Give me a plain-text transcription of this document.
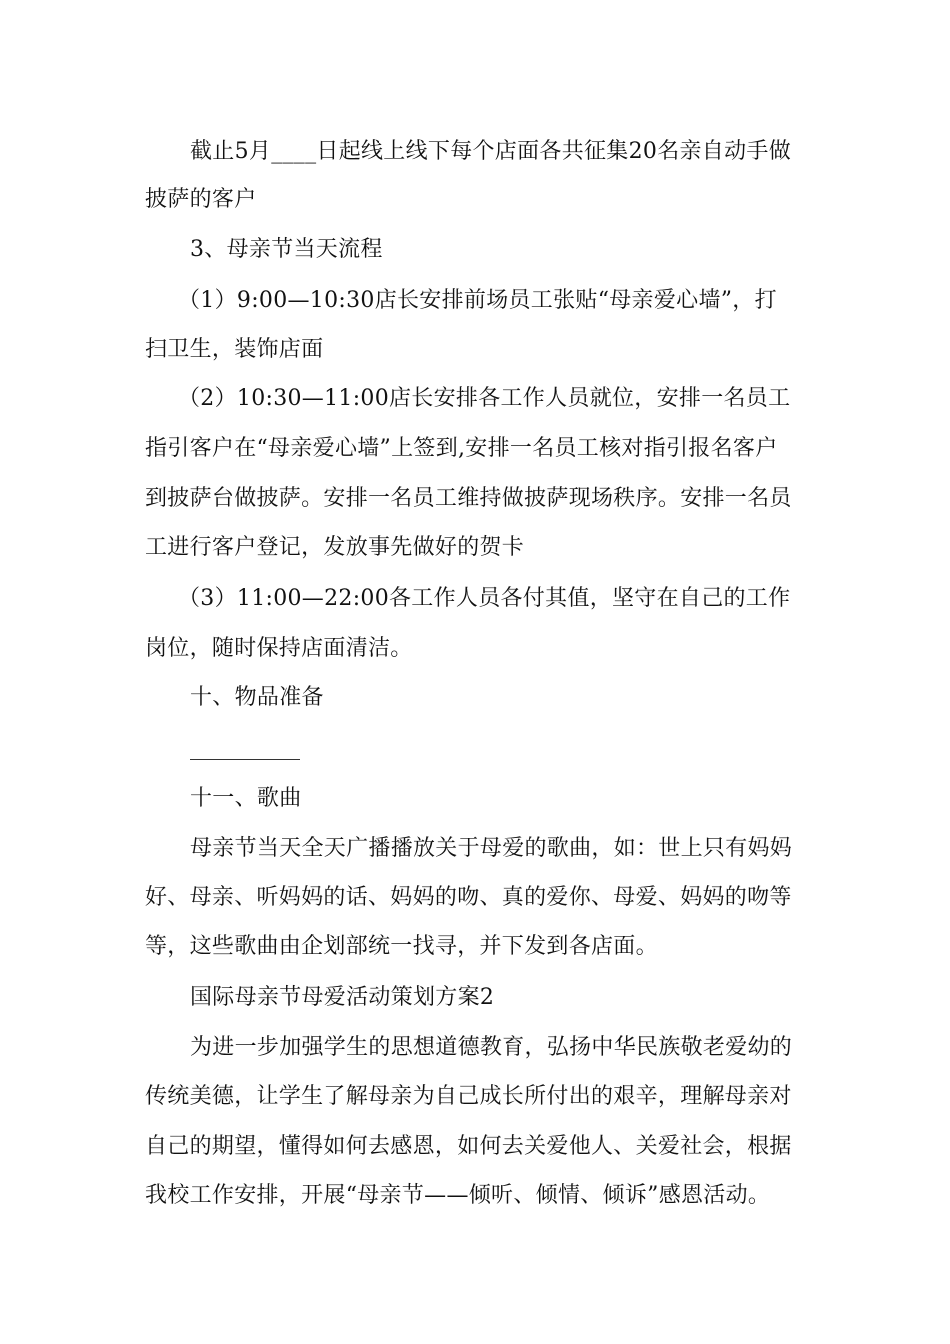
截止5月____日起线上线下每个店面各共征集20名亲自动手做
披萨的客户
3、母亲节当天流程
（1）9:00—10:30店长安排前场员工张贴“母亲爱心墙”，打
扫卫生，装饰店面
（2）10:30—11:00店长安排各工作人员就位，安排一名员工
指引客户在“母亲爱心墙”上签到,安排一名员工核对指引报名客户
到披萨台做披萨。安排一名员工维持做披萨现场秩序。安排一名员
工进行客户登记，发放事先做好的贺卡
（3）11:00—22:00各工作人员各付其值，坚守在自己的工作
岗位，随时保持店面清洁。
十、物品准备
十一、歌曲
母亲节当天全天广播播放关于母爱的歌曲，如：世上只有妈妈
好、母亲、听妈妈的话、妈妈的吻、真的爱你、母爱、妈妈的吻等
等，这些歌曲由企划部统一找寻，并下发到各店面。
国际母亲节母爱活动策划方案2
为进一步加强学生的思想道德教育，弘扬中华民族敬老爱幼的
传统美德，让学生了解母亲为自己成长所付出的艰辛，理解母亲对
自己的期望，懂得如何去感恩，如何去关爱他人、关爱社会，根据
我校工作安排，开展“母亲节——倾听、倾情、倾诉”感恩活动。
